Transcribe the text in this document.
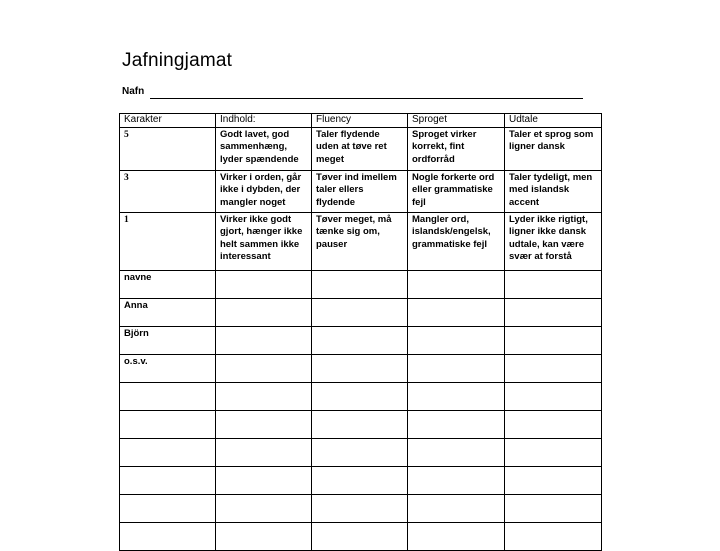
Jafningjamat
Nafn
Karakter	Indhold:	Fluency	Sproget	Udtale
5	Godt lavet, god sammenhæng, lyder spændende	Taler flydende uden at tøve ret meget	Sproget virker korrekt, fint ordforråd	Taler et sprog som ligner dansk
3	Virker i orden, går ikke i dybden, der mangler noget	Tøver ind imellem taler ellers flydende	Nogle forkerte ord eller grammatiske fejl	Taler tydeligt, men med islandsk accent
1	Virker ikke godt gjort, hænger ikke helt sammen ikke interessant	Tøver meget, må tænke sig om, pauser	Mangler ord, islandsk/engelsk, grammatiske fejl	Lyder ikke rigtigt, ligner ikke dansk udtale, kan være svær at forstå
navne				
Anna				
Björn				
o.s.v.				
